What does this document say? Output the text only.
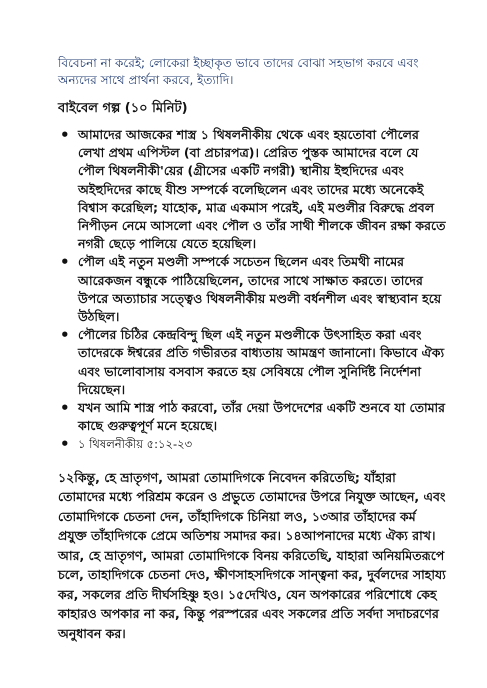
বিবেচনা না করেই; লোকেরা ইচ্ছাকৃত ভাবে তাদের বোঝা সহভাগ করবে এবং অন্যদের সাথে প্রার্থনা করবে, ইত্যাদি।

বাইবেল গল্প (১০ মিনিট)
• আমাদের আজকের শাস্ত্র ১ থিষলনীকীয় থেকে এবং হয়তোবা পৌলের লেখা প্রথম এপিস্টল (বা প্রচারপত্র)। প্রেরিত পুস্তক আমাদের বলে যে পৌল থিষলনীকী'য়ের (গ্রীসের একটি নগরী) স্থানীয় ইহুদিদের এবং অইহুদিদের কাছে যীশু সম্পর্কে বলেছিলেন এবং তাদের মধ্যে অনেকেই বিশ্বাস করেছিল; যাহোক, মাত্র একমাস পরেই, এই মণ্ডলীর বিরুদ্ধে প্রবল নিপীড়ন নেমে আসলো এবং পৌল ও তাঁর সাথী শীলকে জীবন রক্ষা করতে নগরী ছেড়ে পালিয়ে যেতে হয়েছিল।
• পৌল এই নতুন মণ্ডলী সম্পর্কে সচেতন ছিলেন এবং তিমথী নামের আরেকজন বন্ধুকে পাঠিয়েছিলেন, তাদের সাথে সাক্ষাত করতে। তাদের উপরে অত্যাচার সত্ত্বেও থিষলনীকীয় মণ্ডলী বর্ধনশীল এবং স্বাস্থ্যবান হয়ে উঠছিল।
• পৌলের চিঠির কেন্দ্রবিন্দু ছিল এই নতুন মণ্ডলীকে উৎসাহিত করা এবং তাদেরকে ঈশ্বরের প্রতি গভীরতর বাধ্যতায় আমন্ত্রণ জানানো। কিভাবে ঐক্য এবং ভালোবাসায় বসবাস করতে হয় সেবিষয়ে পৌল সুনির্দিষ্ট নির্দেশনা দিয়েছেন।
• যখন আমি শাস্ত্র পাঠ করবো, তাঁর দেয়া উপদেশের একটি শুনবে যা তোমার কাছে গুরুত্বপূর্ণ মনে হয়েছে।
• ১ থিষলনীকীয় ৫:১২-২৩

১২কিন্তু, হে ভ্রাতৃগণ, আমরা তোমাদিগকে নিবেদন করিতেছি; যাঁহারা তোমাদের মধ্যে পরিশ্রম করেন ও প্রভুতে তোমাদের উপরে নিযুক্ত আছেন, এবং তোমাদিগকে চেতনা দেন, তাঁহাদিগকে চিনিয়া লও, ১৩আর তাঁহাদের কর্ম প্রযুক্ত তাঁহাদিগকে প্রেমে অতিশয় সমাদর কর। ১৪আপনাদের মধ্যে ঐক্য রাখ। আর, হে ভ্রাতৃগণ, আমরা তোমাদিগকে বিনয় করিতেছি, যাহারা অনিয়মিতরূপে চলে, তাহাদিগকে চেতনা দেও, ক্ষীণসাহসদিগকে সান্ত্বনা কর, দুর্বলদের সাহায্য কর, সকলের প্রতি দীর্ঘসহিষ্ণু হও। ১৫দেখিও, যেন অপকারের পরিশোধে কেহ কাহারও অপকার না কর, কিন্তু পরস্পরের এবং সকলের প্রতি সর্বদা সদাচরণের অনুধাবন কর।
